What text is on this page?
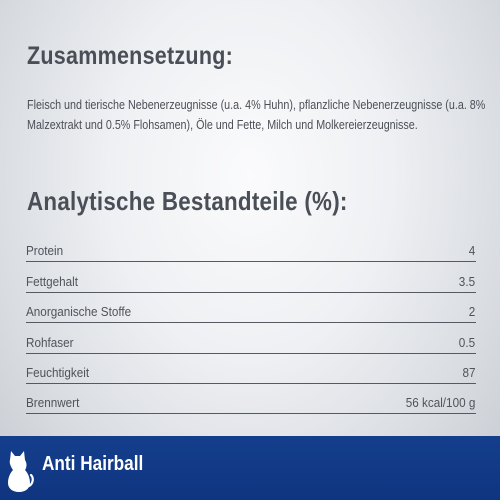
Zusammensetzung:
Fleisch und tierische Nebenerzeugnisse (u.a. 4% Huhn), pflanzliche Nebenerzeugnisse (u.a. 8% Malzextrakt und 0.5% Flohsamen), Öle und Fette, Milch und Molkereierzeugnisse.
Analytische Bestandteile (%):
Protein	4
Fettgehalt	3.5
Anorganische Stoffe	2
Rohfaser	0.5
Feuchtigkeit	87
Brennwert	56 kcal/100 g
Anti Hairball
